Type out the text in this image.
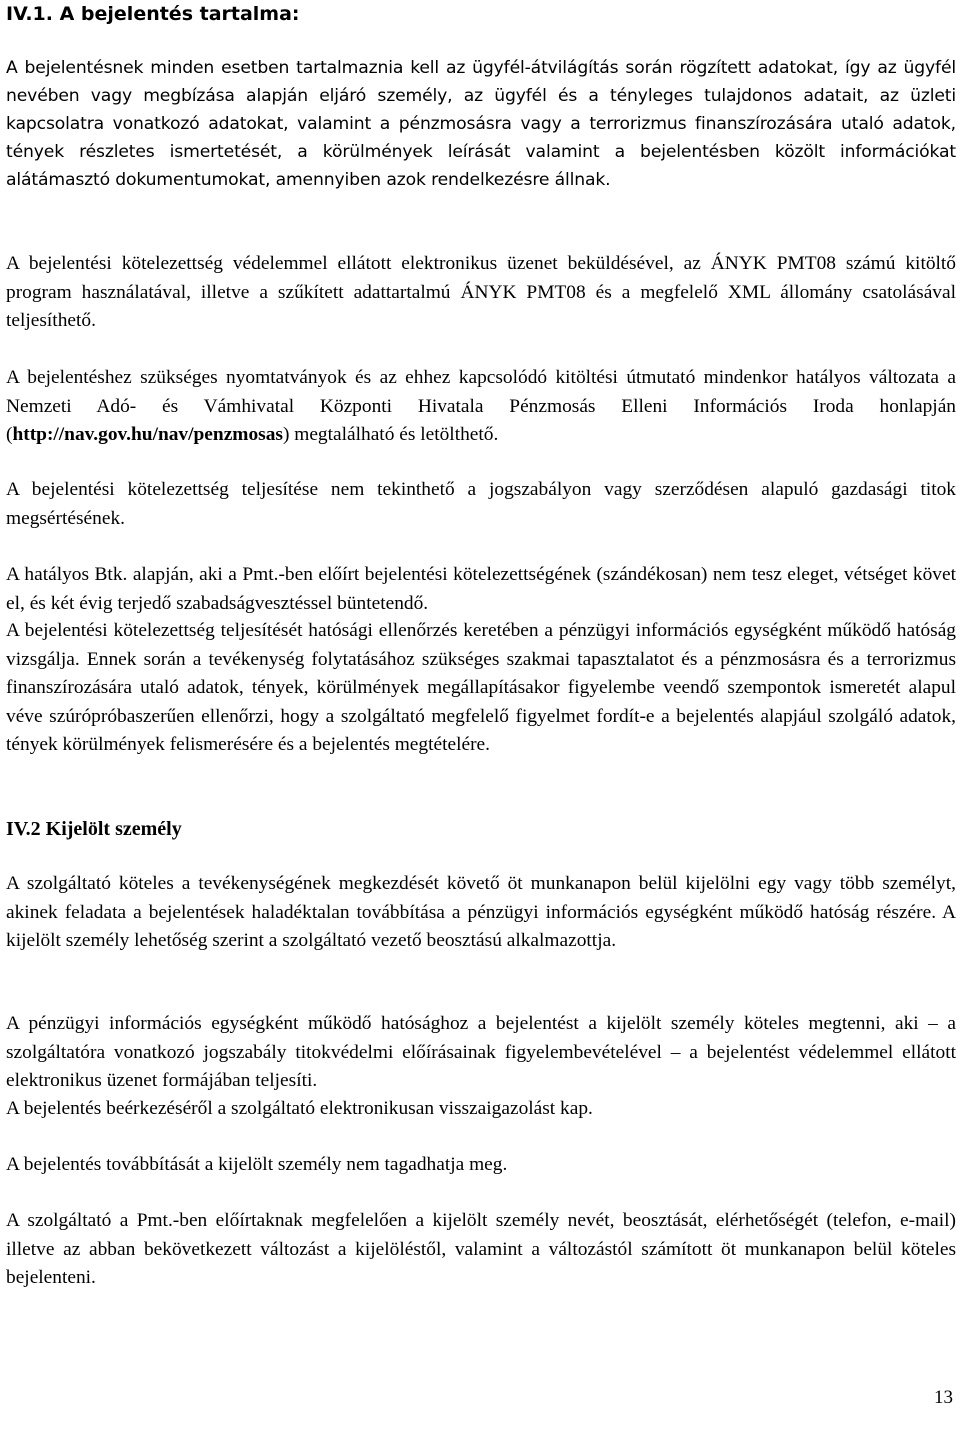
IV.1. A bejelentés tartalma:

A bejelentésnek minden esetben tartalmaznia kell az ügyfél-átvilágítás során rögzített adatokat, így az ügyfél nevében vagy megbízása alapján eljáró személy, az ügyfél és a tényleges tulajdonos adatait, az üzleti kapcsolatra vonatkozó adatokat, valamint a pénzmosásra vagy a terrorizmus finanszírozására utaló adatok, tények részletes ismertetését, a körülmények leírását valamint a bejelentésben közölt információkat alátámasztó dokumentumokat, amennyiben azok rendelkezésre állnak.

A bejelentési kötelezettség védelemmel ellátott elektronikus üzenet beküldésével, az ÁNYK PMT08 számú kitöltő program használatával, illetve a szűkített adattartalmú ÁNYK PMT08 és a megfelelő XML állomány csatolásával teljesíthető.

A bejelentéshez szükséges nyomtatványok és az ehhez kapcsolódó kitöltési útmutató mindenkor hatályos változata a Nemzeti Adó- és Vámhivatal Központi Hivatala Pénzmosás Elleni Információs Iroda honlapján (http://nav.gov.hu/nav/penzmosas) megtalálható és letölthető.

A bejelentési kötelezettség teljesítése nem tekinthető a jogszabályon vagy szerződésen alapuló gazdasági titok megsértésének.

A hatályos Btk. alapján, aki a Pmt.-ben előírt bejelentési kötelezettségének (szándékosan) nem tesz eleget, vétséget követ el, és két évig terjedő szabadságvesztéssel büntetendő.

A bejelentési kötelezettség teljesítését hatósági ellenőrzés keretében a pénzügyi információs egységként működő hatóság vizsgálja. Ennek során a tevékenység folytatásához szükséges szakmai tapasztalatot és a pénzmosásra és a terrorizmus finanszírozására utaló adatok, tények, körülmények megállapításakor figyelembe veendő szempontok ismeretét alapul véve szúrópróbaszerűen ellenőrzi, hogy a szolgáltató megfelelő figyelmet fordít-e a bejelentés alapjául szolgáló adatok, tények körülmények felismerésére és a bejelentés megtételére.

IV.2 Kijelölt személy

A szolgáltató köteles a tevékenységének megkezdését követő öt munkanapon belül kijelölni egy vagy több személyt, akinek feladata a bejelentések haladéktalan továbbítása a pénzügyi információs egységként működő hatóság részére. A kijelölt személy lehetőség szerint a szolgáltató vezető beosztású alkalmazottja.

A pénzügyi információs egységként működő hatósághoz a bejelentést a kijelölt személy köteles megtenni, aki – a szolgáltatóra vonatkozó jogszabály titokvédelmi előírásainak figyelembevételével – a bejelentést védelemmel ellátott elektronikus üzenet formájában teljesíti.

A bejelentés beérkezéséről a szolgáltató elektronikusan visszaigazolást kap.

A bejelentés továbbítását a kijelölt személy nem tagadhatja meg.

A szolgáltató a Pmt.-ben előírtaknak megfelelően a kijelölt személy nevét, beosztását, elérhetőségét (telefon, e-mail) illetve az abban bekövetkezett változást a kijelöléstől, valamint a változástól számított öt munkanapon belül köteles bejelenteni.

13
